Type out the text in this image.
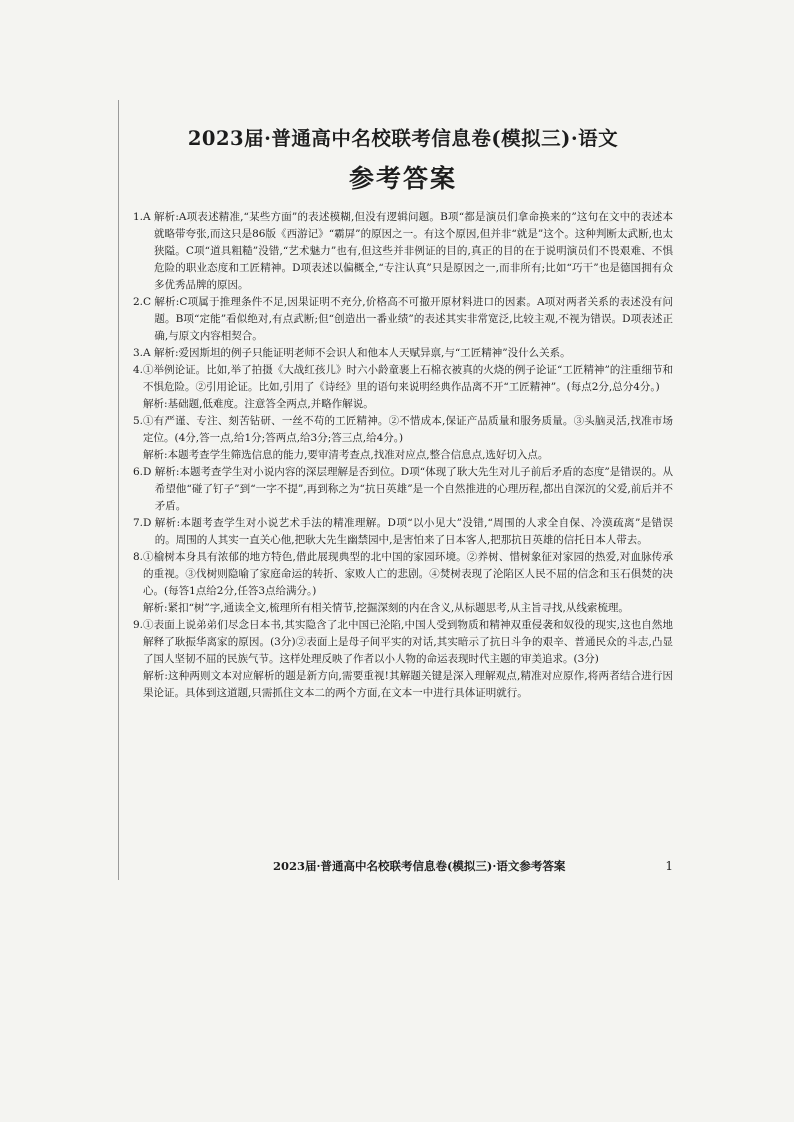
2023届·普通高中名校联考信息卷(模拟三)·语文
参考答案
1.A
解析:A项表述精准,“某些方面”的表述模糊,但没有逻辑问题。B项“都是演员们拿命换来的”这句在文中的表述本就略带夸张,而这只是86版《西游记》“霸屏”的原因之一。有这个原因,但并非“就是”这个。这种判断太武断,也太狭隘。C项“道具粗糙”没错,“艺术魅力”也有,但这些并非例证的目的,真正的目的在于说明演员们不畏艰难、不惧危险的职业态度和工匠精神。D项表述以偏概全,“专注认真”只是原因之一,而非所有;比如“巧干”也是德国拥有众多优秀品牌的原因。

2.C
解析:C项属于推理条件不足,因果证明不充分,价格高不可撤开原材料进口的因素。A项对两者关系的表述没有问题。B项“定能”看似绝对,有点武断;但“创造出一番业绩”的表述其实非常宽泛,比较主观,不视为错误。D项表述正确,与原文内容相契合。

3.A
解析:爱因斯坦的例子只能证明老师不会识人和他本人天赋异禀,与“工匠精神”没什么关系。

4. ①举例论证。比如,举了拍摄《大战红孩儿》时六小龄童裹上石棉衣被真的火烧的例子论证“工匠精神”的注重细节和不惧危险。②引用论证。比如,引用了《诗经》里的语句来说明经典作品离不开“工匠精神”。(每点2分,总分4分。)

解析:基础题,低难度。注意答全两点,并略作解说。

5. ①有严谨、专注、刻苦钻研、一丝不苟的工匠精神。②不惜成本,保证产品质量和服务质量。③头脑灵活,找准市场定位。(4分,答一点,给1分;答两点,给3分;答三点,给4分。)

解析:本题考查学生筛选信息的能力,要审清考查点,找准对应点,整合信息点,选好切入点。

6.D
解析:本题考查学生对小说内容的深层理解是否到位。D项“体现了耿大先生对儿子前后矛盾的态度”是错误的。从希望他“碰了钉子”到“一字不提”,再到称之为“抗日英雄”是一个自然推进的心理历程,都出自深沉的父爱,前后并不矛盾。

7.D
解析:本题考查学生对小说艺术手法的精准理解。D项“以小见大”没错,“周围的人求全自保、冷漠疏离”是错误的。周围的人其实一直关心他,把耿大先生幽禁园中,是害怕来了日本客人,把那抗日英雄的信托日本人带去。

8. ①榆树本身具有浓郁的地方特色,借此展现典型的北中国的家园环境。②养树、惜树象征对家园的热爱,对血脉传承的重视。③伐树则隐喻了家庭命运的转折、家败人亡的悲剧。④焚树表现了沦陷区人民不屈的信念和玉石俱焚的决心。(每答1点给2分,任答3点给满分。)

解析:紧扣“树”字,通读全文,梳理所有相关情节,挖掘深刻的内在含义,从标题思考,从主旨寻找,从线索梳理。

9. ①表面上说弟弟们尽念日本书,其实隐含了北中国已沦陷,中国人受到物质和精神双重侵袭和奴役的现实,这也自然地解释了耿振华离家的原因。(3分)②表面上是母子间平实的对话,其实暗示了抗日斗争的艰辛、普通民众的斗志,凸显了国人坚韧不屈的民族气节。这样处理反映了作者以小人物的命运表现时代主题的审美追求。(3分)

解析:这种两则文本对应解析的题是新方向,需要重视!其解题关键是深入理解观点,精准对应原作,将两者结合进行因果论证。具体到这道题,只需抓住文本二的两个方面,在文本一中进行具体证明就行。

2023届·普通高中名校联考信息卷(模拟三)·语文参考答案	1
